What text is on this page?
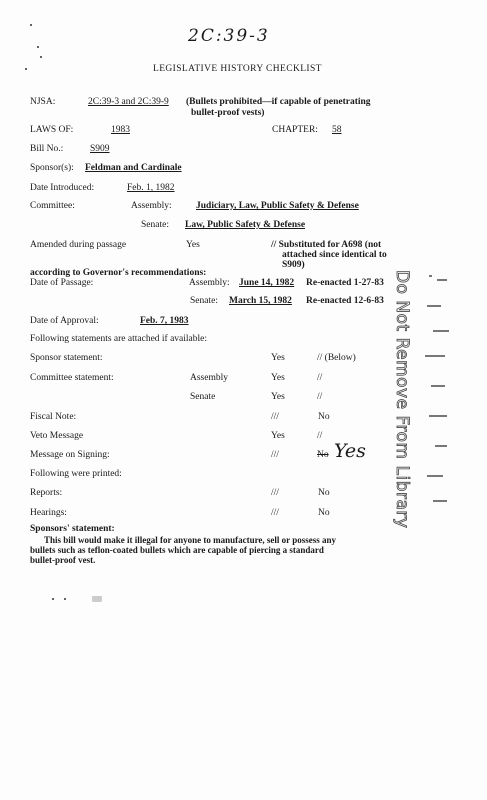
2C:39-3
LEGISLATIVE HISTORY CHECKLIST
NJSA:	2C:39-3 and 2C:39-9 (Bullets prohibited—if capable of penetrating
bullet-proof vests)
LAWS OF:	1983	CHAPTER: 58
Bill No.:	S909
Sponsor(s): Feldman and Cardinale
Date Introduced:	Feb. 1, 1982
Committee:	Assembly:	Judiciary, Law, Public Safety & Defense
Senate: Law, Public Safety & Defense
Amended during passage	Yes	// Substituted for A698 (not
attached since identical to
S909)
according to Governor's recommendations:
Date of Passage:	Assembly: June 14, 1982 Re-enacted 1-27-83
Senate: March 15, 1982 Re-enacted 12-6-83
Date of Approval:	Feb. 7, 1983
Following statements are attached if available:
Sponsor statement:	Yes	// (Below)
Committee statement:	Assembly	Yes	//
Senate	Yes	//
Fiscal Note:	///	No
Veto Message	Yes	//
Message on Signing:	///	No Yes
Following were printed:
Reports:	///	No
Hearings:	///	No
Sponsors' statement:
This bill would make it illegal for anyone to manufacture, sell or possess any
bullets such as teflon-coated bullets which are capable of piercing a standard
bullet-proof vest.
Do Not Remove From Library
